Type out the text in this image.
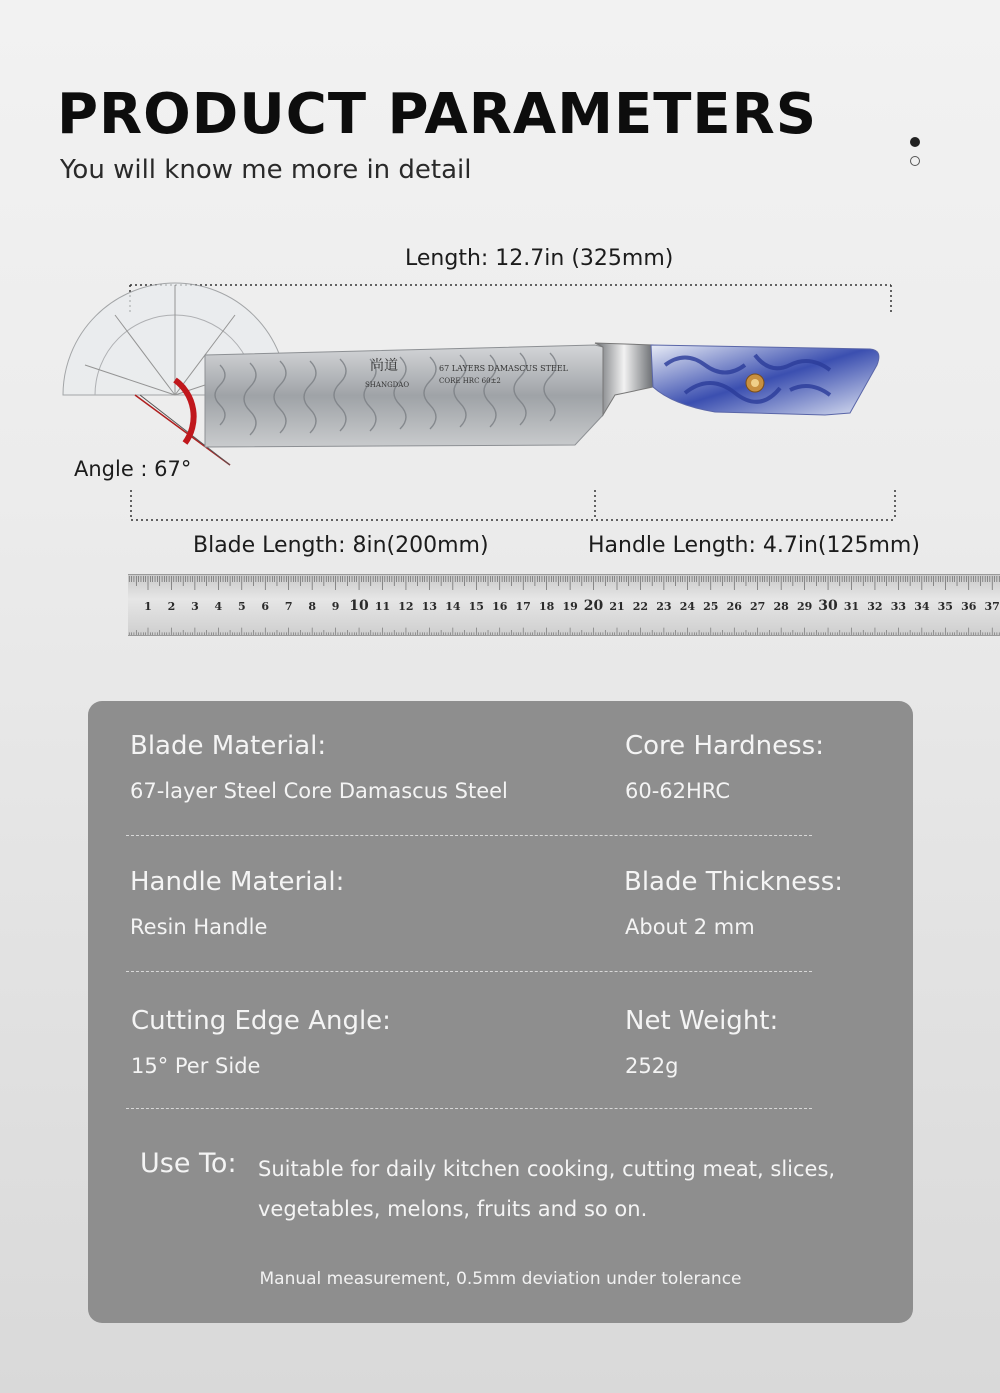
PRODUCT PARAMETERS
You will know me more in detail
Length: 12.7in (325mm)
尚道
SHANGDAO
67 LAYERS DAMASCUS STEEL
CORE HRC 60±2
Angle : 67°
Blade Length: 8in(200mm)	Handle Length: 4.7in(125mm)
1 2 3 4 5 6 7 8 9 10 11 12 13 14 15 16 17 18 19 20 21 22 23 24 25 26 27 28 29 30 31 32 33 34 35 36 37
Blade Material:
67-layer Steel Core Damascus Steel
Core Hardness:
60-62HRC
Handle Material:
Resin Handle
Blade Thickness:
About 2 mm
Cutting Edge Angle:
15° Per Side
Net Weight:
252g
Use To: Suitable for daily kitchen cooking, cutting meat, slices, vegetables, melons, fruits and so on.
Manual measurement, 0.5mm deviation under tolerance
